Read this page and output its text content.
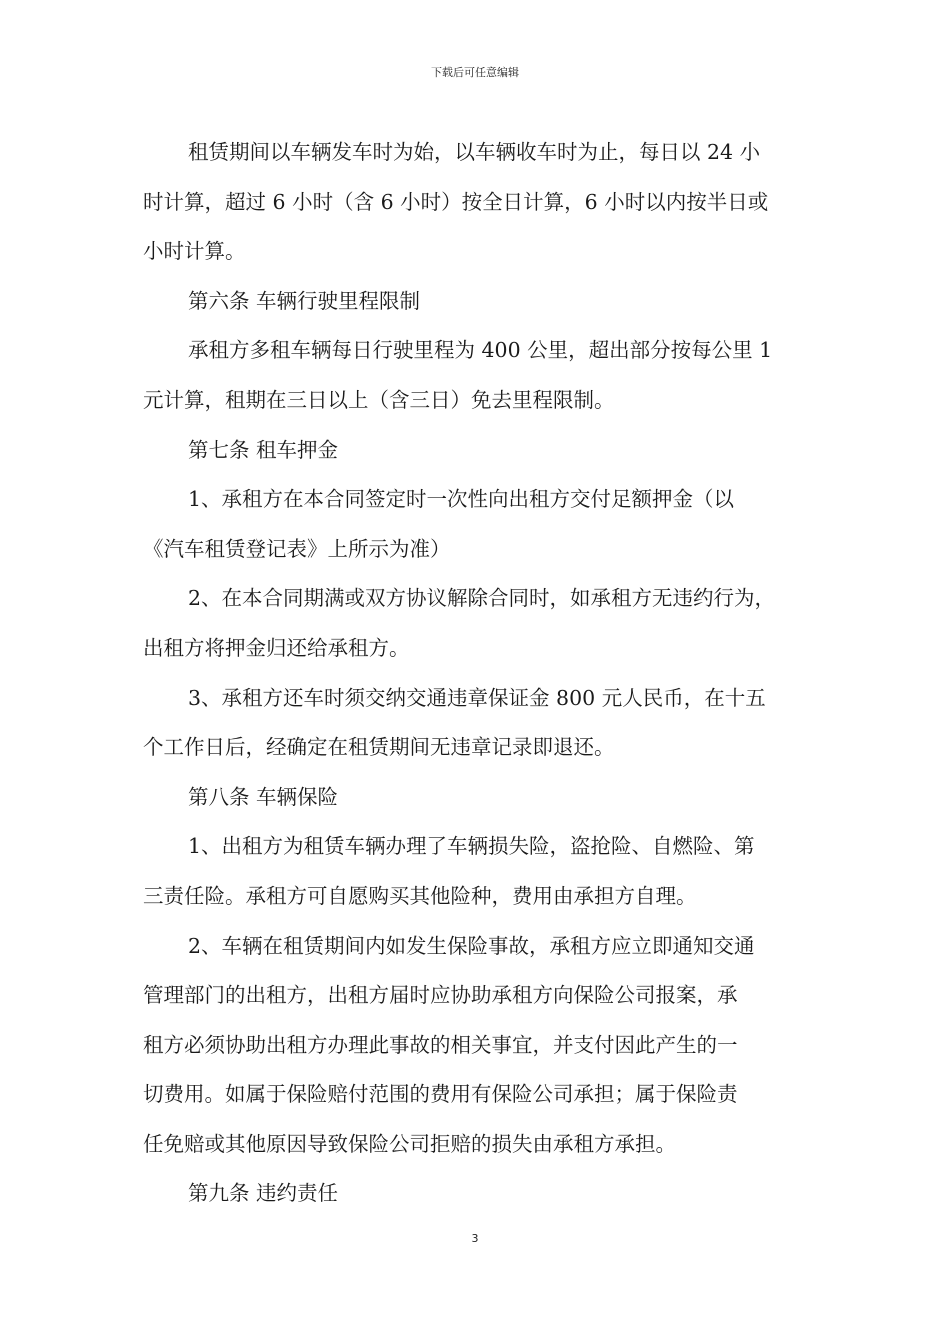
下载后可任意编辑
租赁期间以车辆发车时为始，以车辆收车时为止，每日以 24 小
时计算，超过 6 小时（含 6 小时）按全日计算，6 小时以内按半日或
小时计算。
第六条 车辆行驶里程限制
承租方多租车辆每日行驶里程为 400 公里，超出部分按每公里 1
元计算，租期在三日以上（含三日）免去里程限制。
第七条 租车押金
1、承租方在本合同签定时一次性向出租方交付足额押金（以
《汽车租赁登记表》上所示为准）
2、在本合同期满或双方协议解除合同时，如承租方无违约行为，
出租方将押金归还给承租方。
3、承租方还车时须交纳交通违章保证金 800 元人民币，在十五
个工作日后，经确定在租赁期间无违章记录即退还。
第八条 车辆保险
1、出租方为租赁车辆办理了车辆损失险，盗抢险、自燃险、第
三责任险。承租方可自愿购买其他险种，费用由承担方自理。
2、车辆在租赁期间内如发生保险事故，承租方应立即通知交通
管理部门的出租方，出租方届时应协助承租方向保险公司报案，承
租方必须协助出租方办理此事故的相关事宜，并支付因此产生的一
切费用。如属于保险赔付范围的费用有保险公司承担；属于保险责
任免赔或其他原因导致保险公司拒赔的损失由承租方承担。
第九条 违约责任
3
